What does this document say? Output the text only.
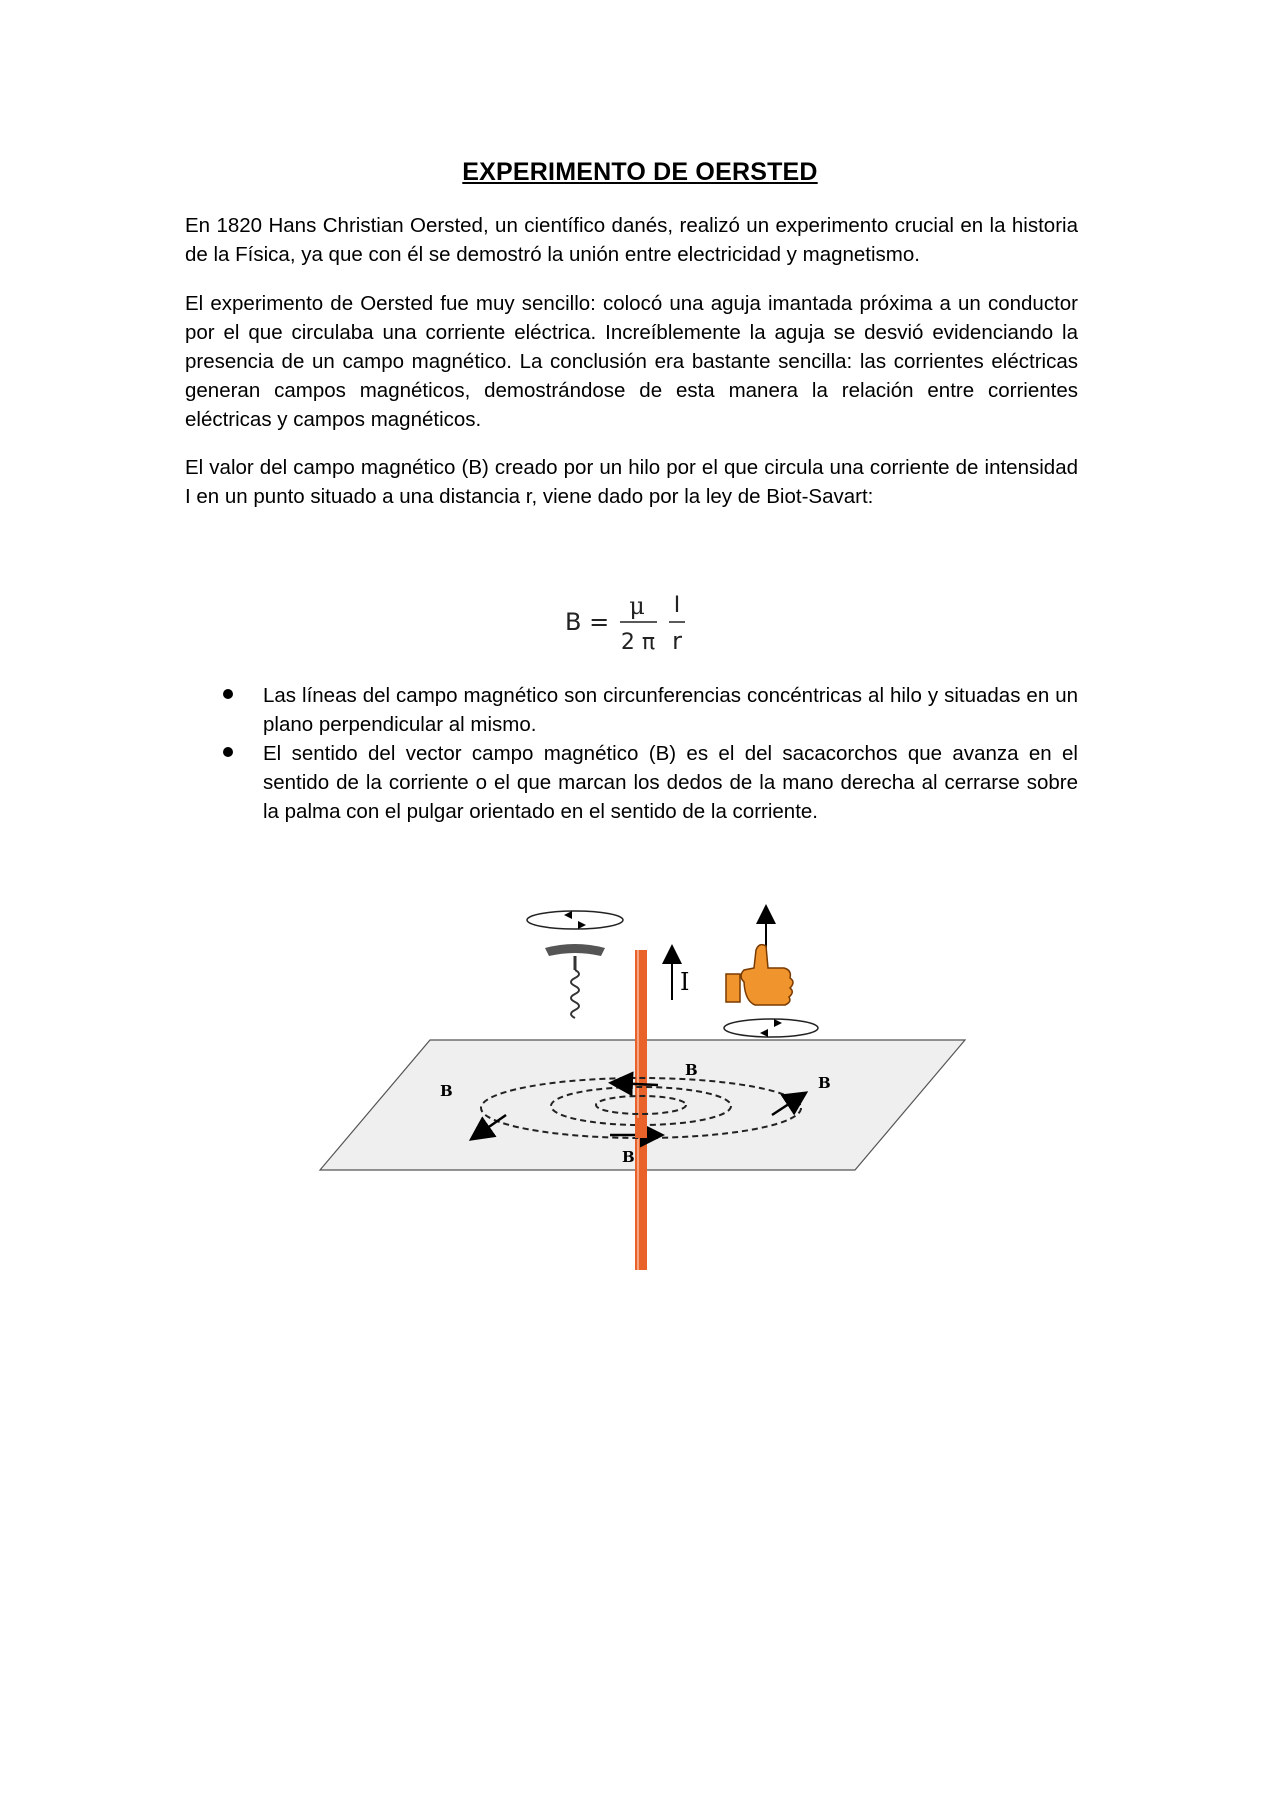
EXPERIMENTO DE OERSTED

En 1820 Hans Christian Oersted, un científico danés, realizó un experimento crucial en la historia de la Física, ya que con él se demostró la unión entre electricidad y magnetismo.

El experimento de Oersted fue muy sencillo: colocó una aguja imantada próxima a un conductor por el que circulaba una corriente eléctrica. Increíblemente la aguja se desvió evidenciando la presencia de un campo magnético. La conclusión era bastante sencilla: las corrientes eléctricas generan campos magnéticos, demostrándose de esta manera la relación entre corrientes eléctricas y campos magnéticos.

El valor del campo magnético (B) creado por un hilo por el que circula una corriente de intensidad I en un punto situado a una distancia r, viene dado por la ley de Biot-Savart:

B =
μ
2 π
I
r
Las líneas del campo magnético son circunferencias concéntricas al hilo y situadas en un plano perpendicular al mismo.
El sentido del vector campo magnético (B) es el del sacacorchos que avanza en el sentido de la corriente o el que marcan los dedos de la mano derecha al cerrarse sobre la palma con el pulgar orientado en el sentido de la corriente.
B
B
B	B
I
